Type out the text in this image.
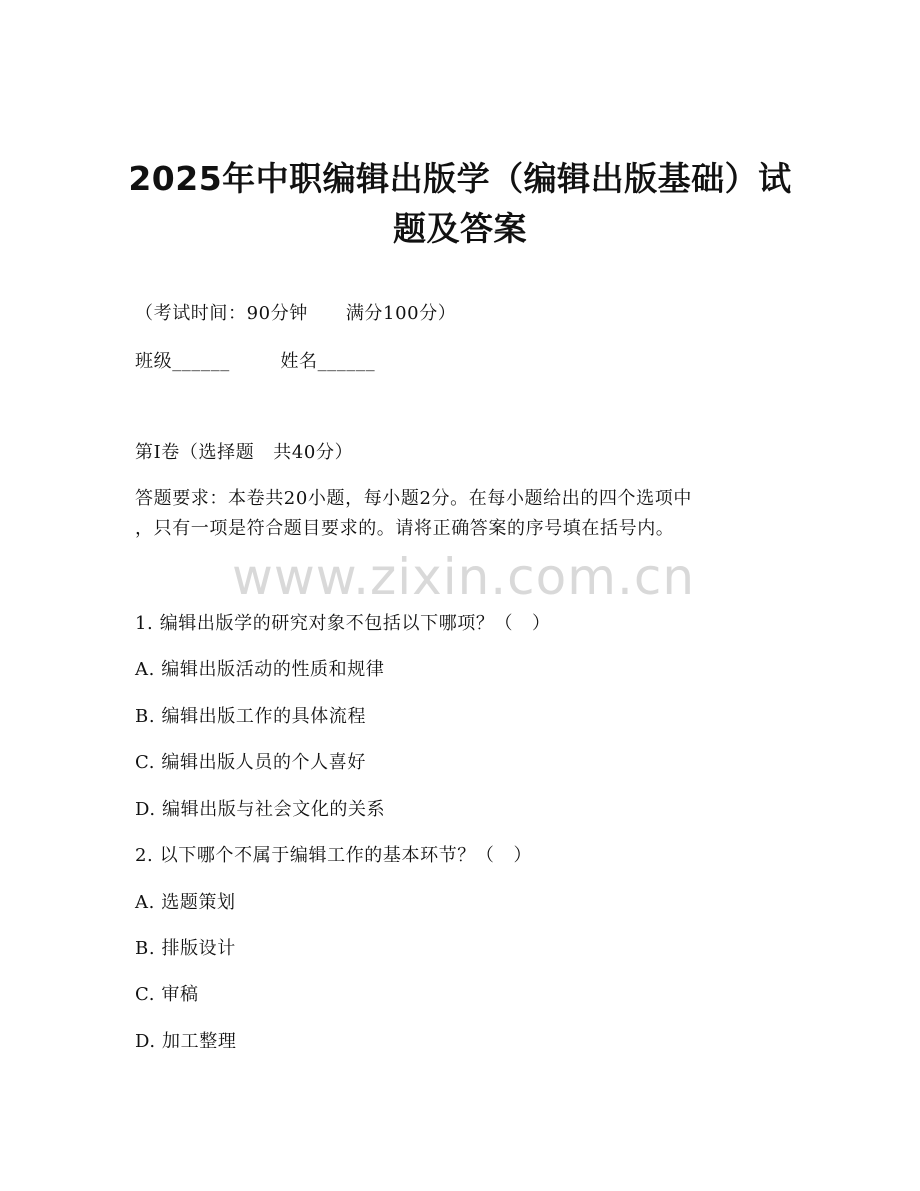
2025年中职编辑出版学（编辑出版基础）试
题及答案
（考试时间：90分钟      满分100分）
班级______        姓名______
第I卷（选择题   共40分）
答题要求：本卷共20小题，每小题2分。在每小题给出的四个选项中
，只有一项是符合题目要求的。请将正确答案的序号填在括号内。
www.zixin.com.cn
1. 编辑出版学的研究对象不包括以下哪项？（   ）
A. 编辑出版活动的性质和规律
B. 编辑出版工作的具体流程
C. 编辑出版人员的个人喜好
D. 编辑出版与社会文化的关系
2. 以下哪个不属于编辑工作的基本环节？（   ）
A. 选题策划
B. 排版设计
C. 审稿
D. 加工整理
